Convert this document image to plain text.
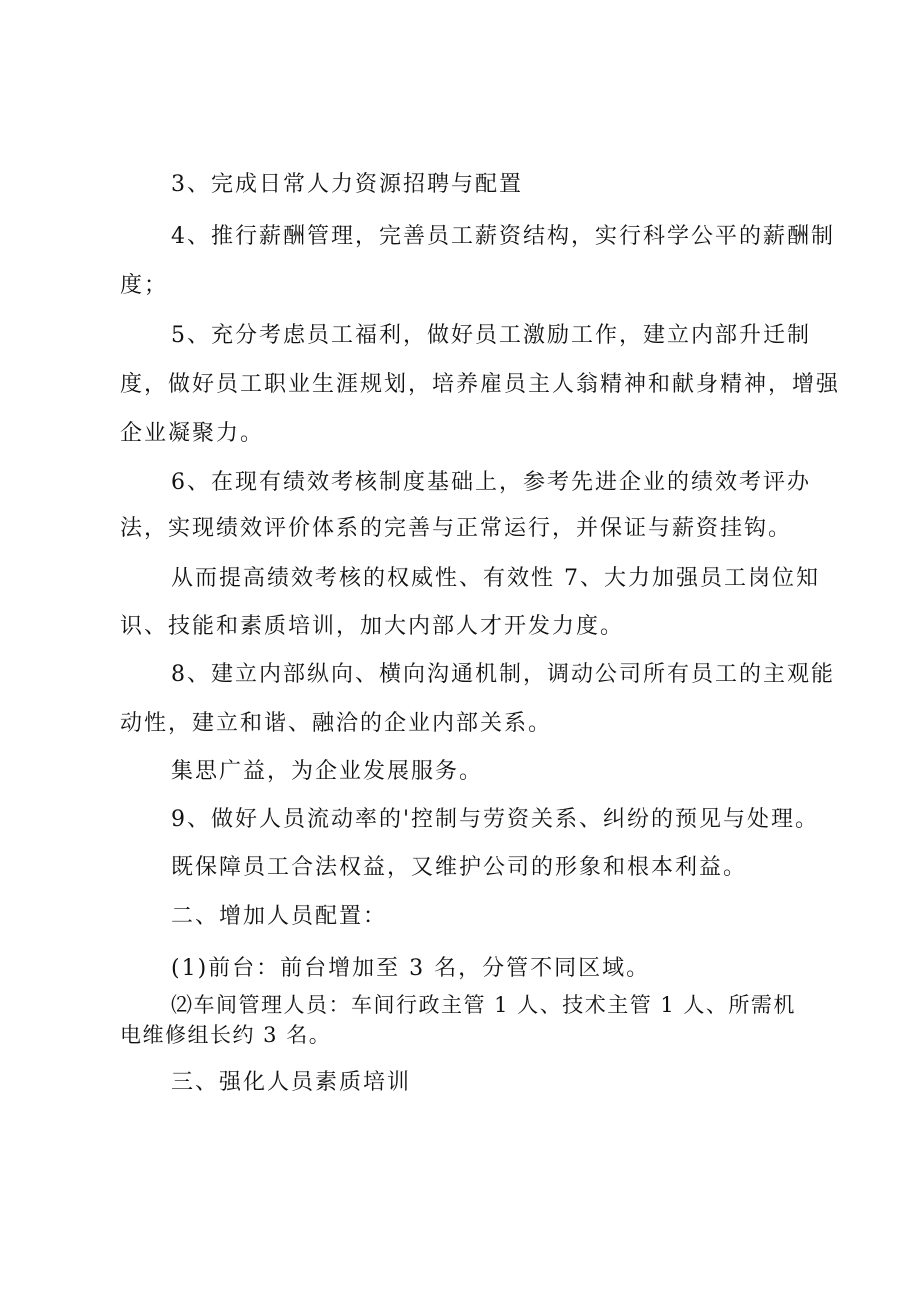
3、完成日常人力资源招聘与配置

4、推行薪酬管理，完善员工薪资结构，实行科学公平的薪酬制

度；

5、充分考虑员工福利，做好员工激励工作，建立内部升迁制

度，做好员工职业生涯规划，培养雇员主人翁精神和献身精神，增强

企业凝聚力。

6、在现有绩效考核制度基础上，参考先进企业的绩效考评办

法，实现绩效评价体系的完善与正常运行，并保证与薪资挂钩。

从而提高绩效考核的权威性、有效性 7、大力加强员工岗位知

识、技能和素质培训，加大内部人才开发力度。

8、建立内部纵向、横向沟通机制，调动公司所有员工的主观能

动性，建立和谐、融洽的企业内部关系。

集思广益，为企业发展服务。

9、做好人员流动率的'控制与劳资关系、纠纷的预见与处理。

既保障员工合法权益，又维护公司的形象和根本利益。

二、增加人员配置：

(1)前台：前台增加至 3 名，分管不同区域。

⑵车间管理人员：车间行政主管 1 人、技术主管 1 人、所需机

电维修组长约 3 名。

三、强化人员素质培训
